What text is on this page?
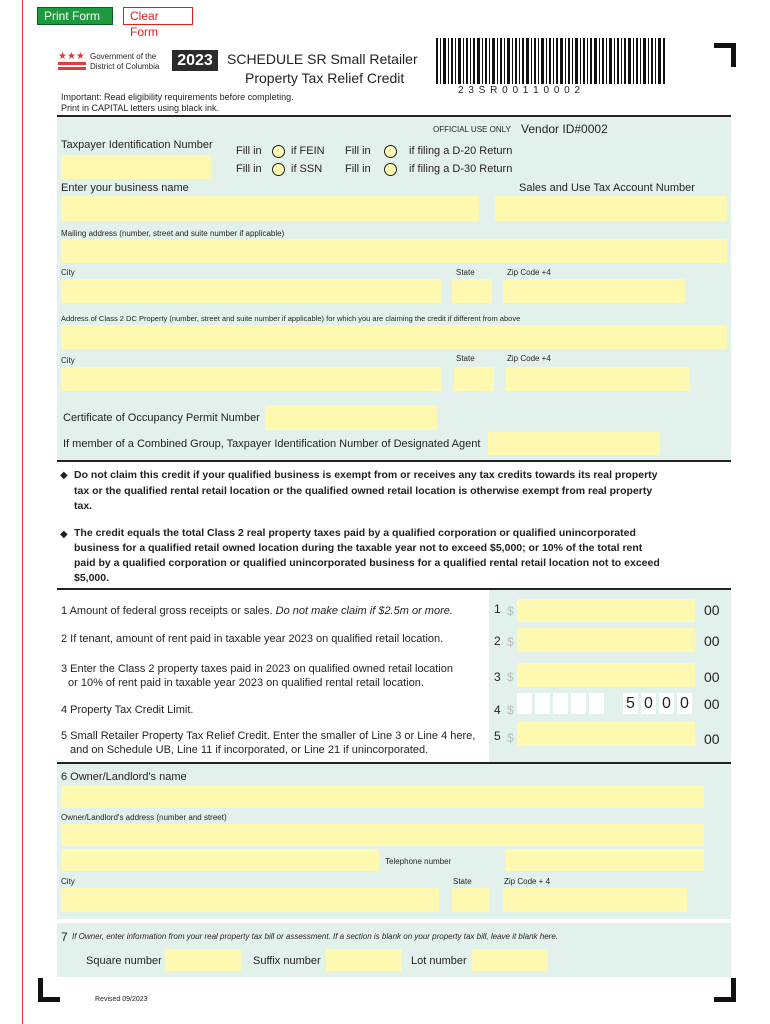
Print Form	Clear Form
★★★ Government of the
District of Columbia	2023	SCHEDULE SR Small Retailer
Property Tax Relief Credit
2 3 S R 0 0 1 1 0 0 0 2
Important: Read eligibility requirements before completing.
Print in CAPITAL letters using black ink.
OFFICIAL USE ONLY Vendor ID#0002
Taxpayer Identification Number Fill in	if FEIN
Fill in	if SSN
Fill in	if filing a D-20 Return
Fill in	if filing a D-30 Return
Enter your business name	Sales and Use Tax Account Number
Mailing address (number, street and suite number if applicable)
City	State	Zip Code +4
Address of Class 2 DC Property (number, street and suite number if applicable) for which you are claiming the credit if different from above
City	State	Zip Code +4
Certificate of Occupancy Permit Number
If member of a Combined Group, Taxpayer Identification Number of Designated Agent
◆ Do not claim this credit if your qualified business is exempt from or receives any tax credits towards its real property
tax or the qualified rental retail location or the qualified owned retail location is otherwise exempt from real property
tax.
◆ The credit equals the total Class 2 real property taxes paid by a qualified corporation or qualified unincorporated
business for a qualified retail owned location during the taxable year not to exceed $5,000; or 10% of the total rent
paid by a qualified corporation or qualified unincorporated business for a qualified rental retail location not to exceed
$5,000.
1 Amount of federal gross receipts or sales. Do not make claim if $2.5m or more.
2 If tenant, amount of rent paid in taxable year 2023 on qualified retail location.
3 Enter the Class 2 property taxes paid in 2023 on qualified owned retail location
or 10% of rent paid in taxable year 2023 on qualified rental retail location.
4 Property Tax Credit Limit.
5 Small Retailer Property Tax Relief Credit. Enter the smaller of Line 3 or Line 4 here,
and on Schedule UB, Line 11 if incorporated, or Line 21 if unincorporated.
1 $	00
2 $	00
3 $	00
4 $	5 0 0 0 00
5 $	00
6 Owner/Landlord's name
Owner/Landlord's address (number and street)
Telephone number
City	State	Zip Code + 4
7 If Owner, enter information from your real property tax bill or assessment. If a section is blank on your property tax bill, leave it blank here.
Square number	Suffix number	Lot number
Revised 09/2023
